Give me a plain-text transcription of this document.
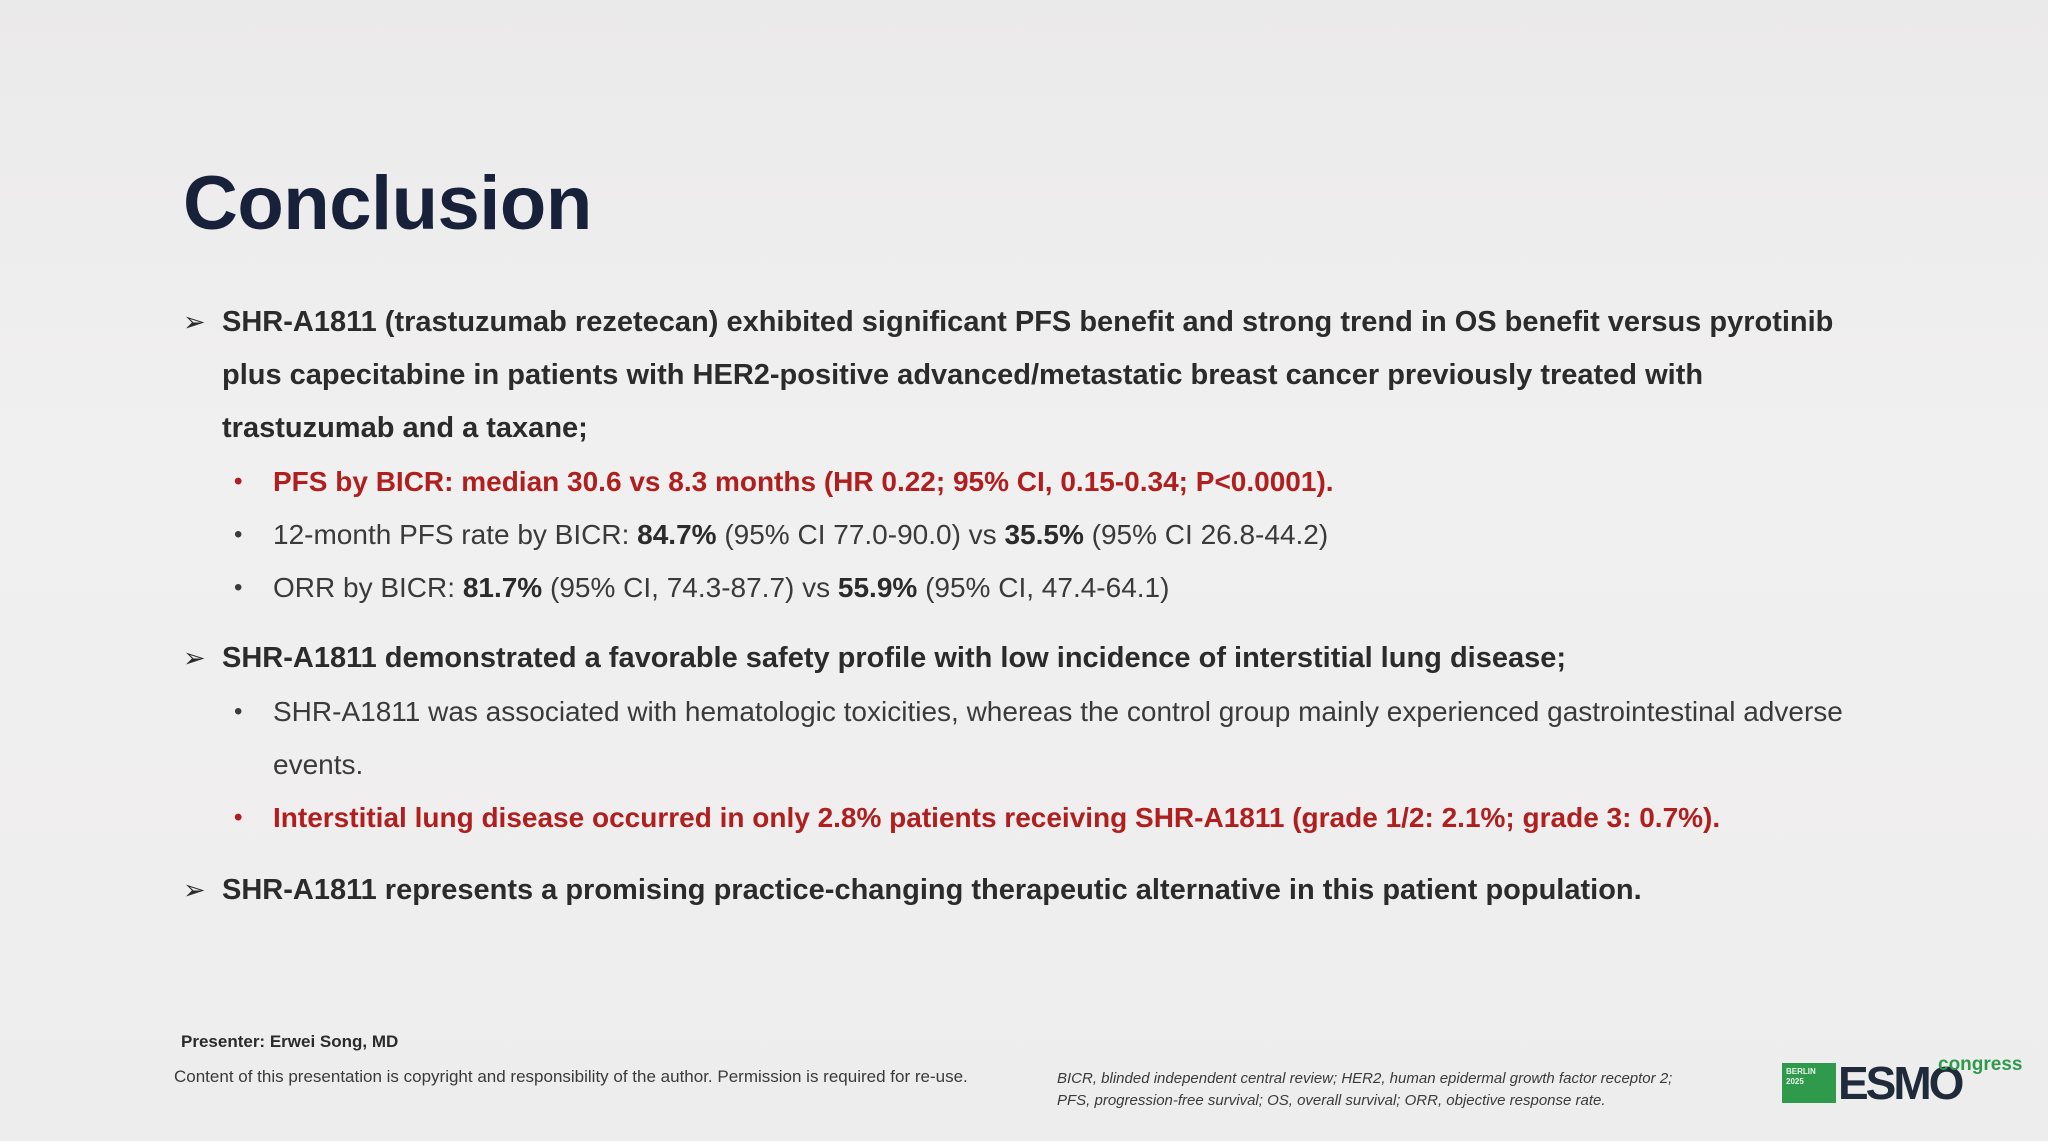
Conclusion
➢ SHR-A1811 (trastuzumab rezetecan) exhibited significant PFS benefit and strong trend in OS benefit versus pyrotinib plus capecitabine in patients with HER2-positive advanced/metastatic breast cancer previously treated with trastuzumab and a taxane;
• PFS by BICR: median 30.6 vs 8.3 months (HR 0.22; 95% CI, 0.15-0.34; P<0.0001).
• 12-month PFS rate by BICR: 84.7% (95% CI 77.0-90.0) vs 35.5% (95% CI 26.8-44.2)
• ORR by BICR: 81.7% (95% CI, 74.3-87.7) vs 55.9% (95% CI, 47.4-64.1)
➢ SHR-A1811 demonstrated a favorable safety profile with low incidence of interstitial lung disease;
• SHR-A1811 was associated with hematologic toxicities, whereas the control group mainly experienced gastrointestinal adverse events.
• Interstitial lung disease occurred in only 2.8% patients receiving SHR-A1811 (grade 1/2: 2.1%; grade 3: 0.7%).
➢ SHR-A1811 represents a promising practice-changing therapeutic alternative in this patient population.
Presenter: Erwei Song, MD
Content of this presentation is copyright and responsibility of the author. Permission is required for re-use.	BICR, blinded independent central review; HER2, human epidermal growth factor receptor 2;
PFS, progression-free survival; OS, overall survival; ORR, objective response rate.
BERLIN
2025 ESMO
congress
